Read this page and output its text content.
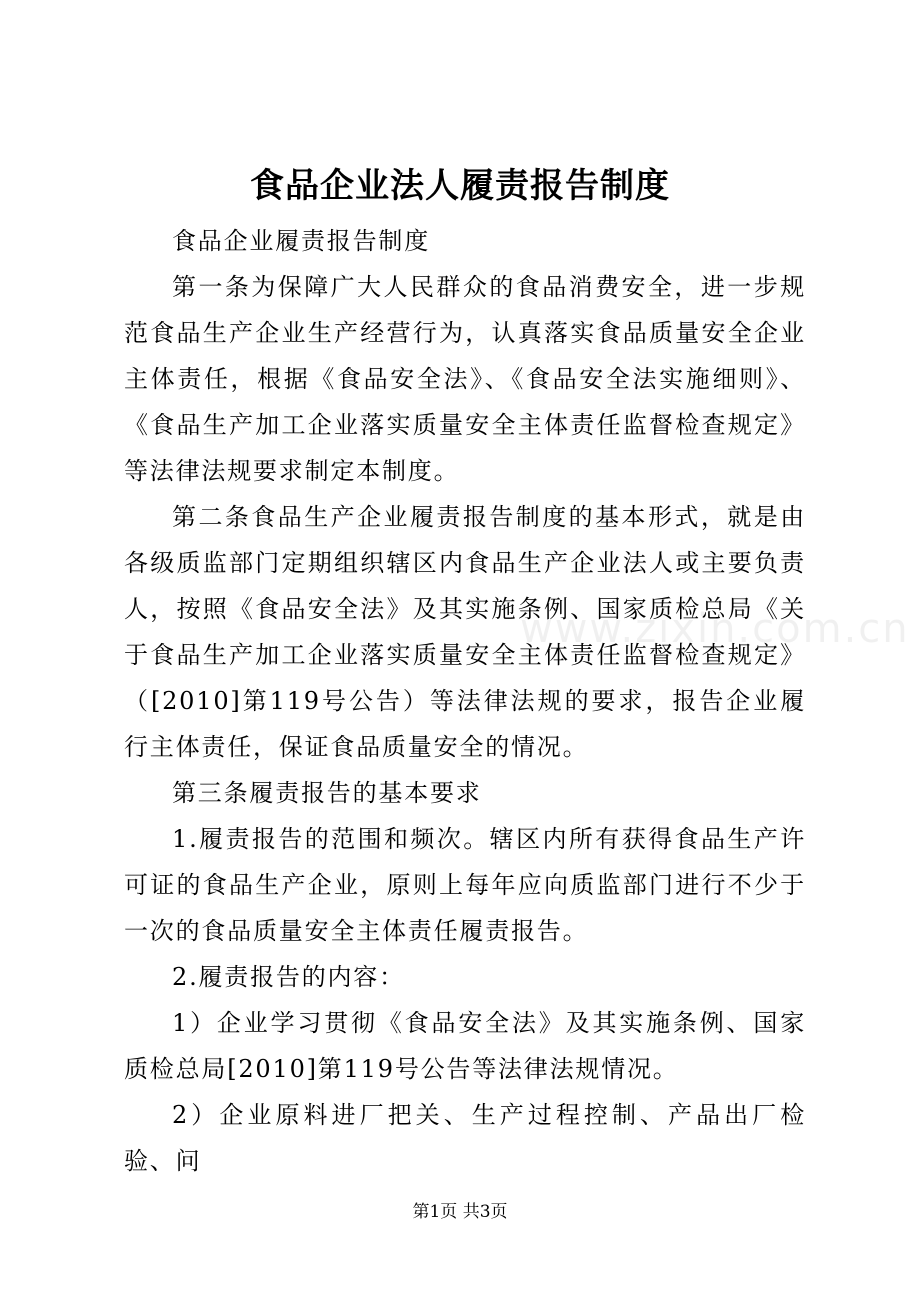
www.zixin.com.cn
食品企业法人履责报告制度

食品企业履责报告制度

第一条为保障广大人民群众的食品消费安全，进一步规范食品生产企业生产经营行为，认真落实食品质量安全企业主体责任，根据《食品安全法》、《食品安全法实施细则》、《食品生产加工企业落实质量安全主体责任监督检查规定》等法律法规要求制定本制度。

第二条食品生产企业履责报告制度的基本形式，就是由各级质监部门定期组织辖区内食品生产企业法人或主要负责人，按照《食品安全法》及其实施条例、国家质检总局《关于食品生产加工企业落实质量安全主体责任监督检查规定》（[2010]第119号公告）等法律法规的要求，报告企业履行主体责任，保证食品质量安全的情况。

第三条履责报告的基本要求

1.履责报告的范围和频次。辖区内所有获得食品生产许可证的食品生产企业，原则上每年应向质监部门进行不少于一次的食品质量安全主体责任履责报告。

2.履责报告的内容：

1）企业学习贯彻《食品安全法》及其实施条例、国家质检总局[2010]第119号公告等法律法规情况。

2）企业原料进厂把关、生产过程控制、产品出厂检验、问

第1页 共3页
